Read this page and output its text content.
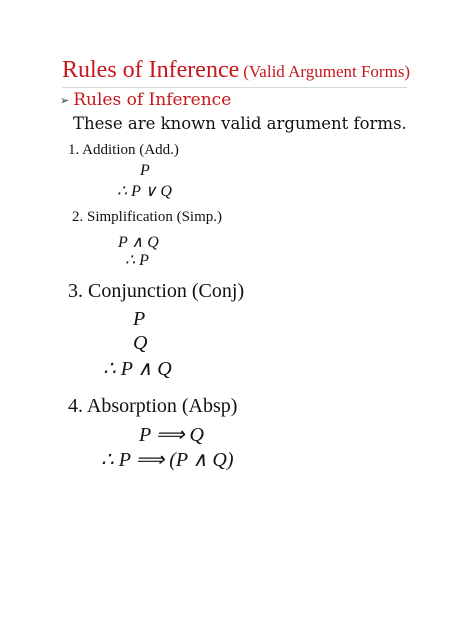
Rules of Inference (Valid Argument Forms)
➢ Rules of Inference
These are known valid argument forms.
1. Addition (Add.)
P
∴ P ∨ Q
2. Simplification (Simp.)
P ∧ Q
∴ P
3. Conjunction (Conj)
P
Q
∴ P ∧ Q
4. Absorption (Absp)
P ⟹ Q
∴ P ⟹ (P ∧ Q)
